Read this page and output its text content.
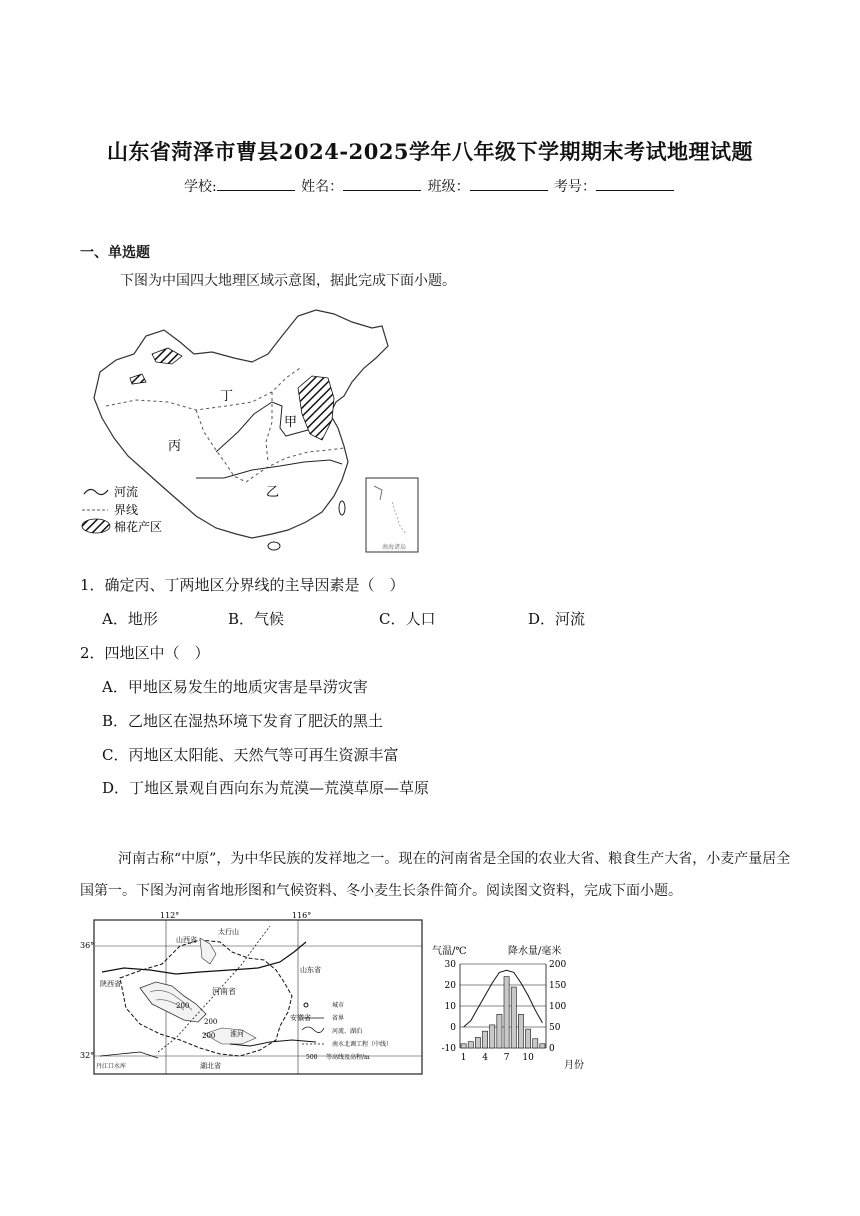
山东省菏泽市曹县2024-2025学年八年级下学期期末考试地理试题
学校:	姓名：	班级：	考号：
一、单选题
下图为中国四大地理区域示意图，据此完成下面小题。
丁
甲
丙
乙
南海诸岛
河流
界线
棉花产区
1．确定丙、丁两地区分界线的主导因素是（　）
A．地形	B．气候	C．人口	D．河流
2．四地区中（　）
A．甲地区易发生的地质灾害是旱涝灾害
B．乙地区在湿热环境下发育了肥沃的黑土
C．丙地区太阳能、天然气等可再生资源丰富
D．丁地区景观自西向东为荒漠—荒漠草原—草原
河南古称“中原”，为中华民族的发祥地之一。现在的河南省是全国的农业大省、粮食生产大省，小麦产量居全国第一。下图为河南省地形图和气候资料、冬小麦生长条件简介。阅读图文资料，完成下面小题。
112°	116°
36°
32°
山西省
太行山
陕西省
河南省
山东省
安徽省
湖北省
丹江口水库
淮河
200
200
200
城市
省界
河流、湖泊
南水北调工程（中线）
500 等高线及高程/m
气温/℃	降水量/毫米
30
20
10
0
-10
200
150
100
50
0
1 4 7 10
月份
